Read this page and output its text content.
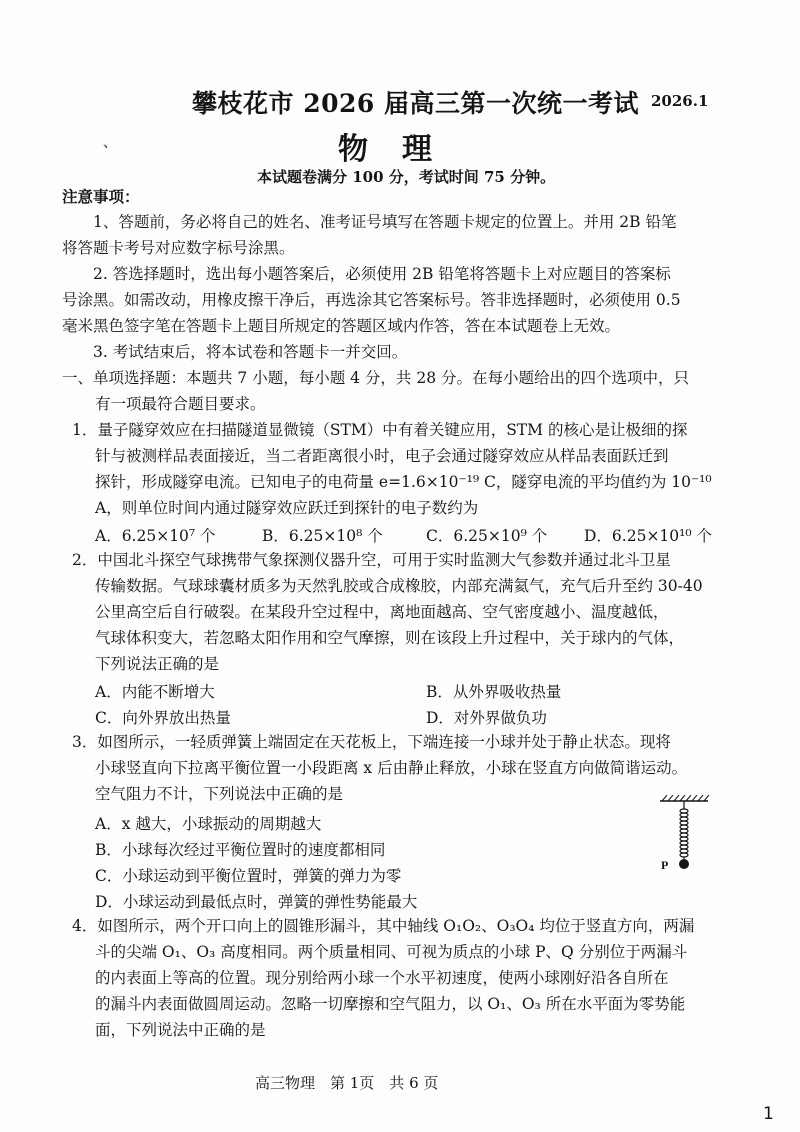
攀枝花市 2026 届高三第一次统一考试 2026.1
、	物理
本试题卷满分 100 分，考试时间 75 分钟。
注意事项：
1、答题前，务必将自己的姓名、准考证号填写在答题卡规定的位置上。并用 2B 铅笔
将答题卡考号对应数字标号涂黑。
2. 答选择题时，选出每小题答案后，必须使用 2B 铅笔将答题卡上对应题目的答案标
号涂黑。如需改动，用橡皮擦干净后，再选涂其它答案标号。答非选择题时，必须使用 0.5
毫米黑色签字笔在答题卡上题目所规定的答题区域内作答，答在本试题卷上无效。
3. 考试结束后，将本试卷和答题卡一并交回。
一、单项选择题：本题共 7 小题，每小题 4 分，共 28 分。在每小题给出的四个选项中，只
有一项最符合题目要求。
1．量子隧穿效应在扫描隧道显微镜（STM）中有着关键应用，STM 的核心是让极细的探
针与被测样品表面接近，当二者距离很小时，电子会通过隧穿效应从样品表面跃迁到
探针，形成隧穿电流。已知电子的电荷量 e=1.6×10⁻¹⁹ C，隧穿电流的平均值约为 10⁻¹⁰
A，则单位时间内通过隧穿效应跃迁到探针的电子数约为
A．6.25×10⁷ 个	B．6.25×10⁸ 个	C．6.25×10⁹ 个 D．6.25×10¹⁰ 个
2．中国北斗探空气球携带气象探测仪器升空，可用于实时监测大气参数并通过北斗卫星
传输数据。气球球囊材质多为天然乳胶或合成橡胶，内部充满氦气，充气后升至约 30-40
公里高空后自行破裂。在某段升空过程中，离地面越高、空气密度越小、温度越低，
气球体积变大，若忽略太阳作用和空气摩擦，则在该段上升过程中，关于球内的气体，
下列说法正确的是
A．内能不断增大	B．从外界吸收热量
C．向外界放出热量	D．对外界做负功
3．如图所示，一轻质弹簧上端固定在天花板上，下端连接一小球并处于静止状态。现将
小球竖直向下拉离平衡位置一小段距离 x 后由静止释放，小球在竖直方向做简谐运动。
空气阻力不计，下列说法中正确的是
A．x 越大，小球振动的周期越大
B．小球每次经过平衡位置时的速度都相同
C．小球运动到平衡位置时，弹簧的弹力为零
D．小球运动到最低点时，弹簧的弹性势能最大
P
4．如图所示，两个开口向上的圆锥形漏斗，其中轴线 O₁O₂、O₃O₄ 均位于竖直方向，两漏
斗的尖端 O₁、O₃ 高度相同。两个质量相同、可视为质点的小球 P、Q 分别位于两漏斗
的内表面上等高的位置。现分别给两小球一个水平初速度，使两小球刚好沿各自所在
的漏斗内表面做圆周运动。忽略一切摩擦和空气阻力，以 O₁、O₃ 所在水平面为零势能
面，下列说法中正确的是
高三物理　第 1页　共 6 页
1
